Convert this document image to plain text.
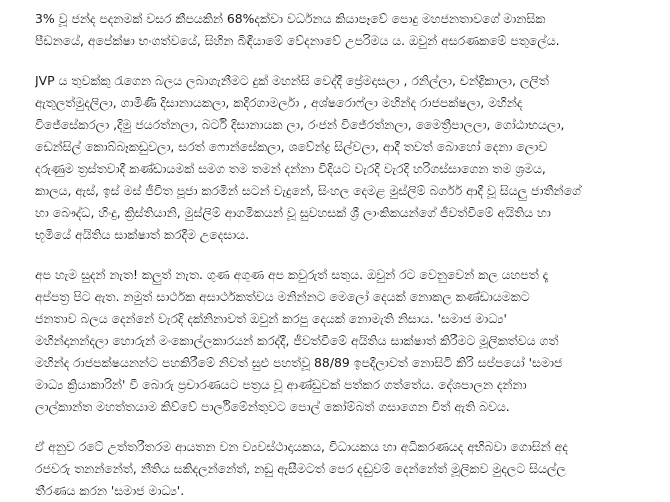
3% වූ ජන්ද පදනමක් වසර කීපයකින් 68%දක්වා වර්ධනය කියාපෑවේ පොදු මහජනතාවගේ මානසික
පීඩනයේ, අපේක්ෂා භංගත්වයේ, සිහින බිඳීයාමේ වේදනාවේ උපරිමය ය. ඔවුන් අසරණකමේ පතුලේය.

JVP ය තුවක්කු රැගෙන බලය ලබාගැනීමට දුක් මහන්සි වෙද්දී ප්‍රේමදාසලා , රනිල්ලා, චන්ද්‍රිකාලා, ලලිත්
ඇතුලත්මුදලිලා, ගාමිණී දිසානායකලා, කදිරගාමර්ලා , අශ්ෂරොෆ්ලා මහින්ද රාජපක්ෂලා, මහින්ද
විජේසේකරලා ,දිමු ජයරත්නලා, බර්ටි දිසානායක ලා, රංජන් විජේරත්නලා, මෛත්‍රීපාලලා, ගෝඨාභයලා,
ඩෙන්සිල් කොබ්බෑකඩුවලා, සරත් ෆොන්සේකලා, ශවේන්ද්‍ර සිල්වලා, ආදී තවත් බොහෝ දෙනා ලොව
දරුණුම ත්‍රස්තවාදී කණ්ඩායමක් සමග තම තමන් දන්නා විදියට වැරදි වැරදි හරිගස්සාගෙන තම ශ්‍රමය,
කාලය, ඇස්, ඉස් මස් ජීවිත පූජා කරමින් සටන් වැදුනේ, සිංහල දෙමළ මුස්ලිම් බර්ගර් ආදී වූ සියලු ජාතීන්ගේ
හා බෞද්ධ, හිංදු, ක්‍රිස්තියානි, මුස්ලිම් ආගමිකයන් වූ සුවහසක් ශ්‍රී ලාංකිකයන්ගේ ජීවත්වීමේ අයිතිය හා
භූමියේ අයිතිය සාක්ෂාත් කරදීම උදෙසාය.

අප හැම සුදන් නැත! කලුත් නැත. ගුණ අගුණ අප කවුරුත් සතුය. ඔවුන් රට වෙනුවෙන් කල යහපත් දෑ
අප්පත්‍ර පිට ඇත. නමුත් සාර්ථක අසාර්ථකත්වය මනින්නට මෙලෝ දෙයක් නොකල කණ්ඩායමකට
ජනතාව බලය දෙන්නේ වැරදි දක්නිනාවත් ඔවුන් කරපු දෙයක් නොමැති නිසාය. 'සමාජ මාධ්‍ය'
මහින්දානන්දලා හොරුන් මංකොල්ලකාරයන් කරද්දී, ජීවත්වීමේ අයිතිය සාක්ෂාත් කිරීමට මූලිකත්වය ගත්
මහින්ද රාජපක්ෂයනන්ට පහකිරීමේ නිවත් සුළු පහත්වූ 88/89 ඉපදීලාවත් නොසිටි කිරි සප්පයෝ 'සමාජ
මාධ්‍ය ක්‍රියාකාරින්' වී බොරු ප්‍රචාරණයට පත්‍රය වූ ආණ්ඩුවක් පත්කර ගත්තේය. දේශපාලන දන්නා
ලාල්කාන්ත මහත්තයාම කිව්වේ පාර්ලිමේන්තුවට පොල් කෝම්බත් ගසාගෙන විත් ඇති බවය.

ඒ අනුව රටේ උත්තරීතරම ආයතන වන ව්‍යවස්ථාදායකය, විධායකය හා අධිකරණයද අභිබවා ගොසින් අද
රජවරු තනන්නේත්, නීතිය සකිදලන්නේත්, නඩු ඇසීමටත් පෙර දඬුවම් දෙන්නේත් මූලිකව මුදලට සියල්ල
තීරණය කරන 'සමාජ මාධ්‍ය'.
